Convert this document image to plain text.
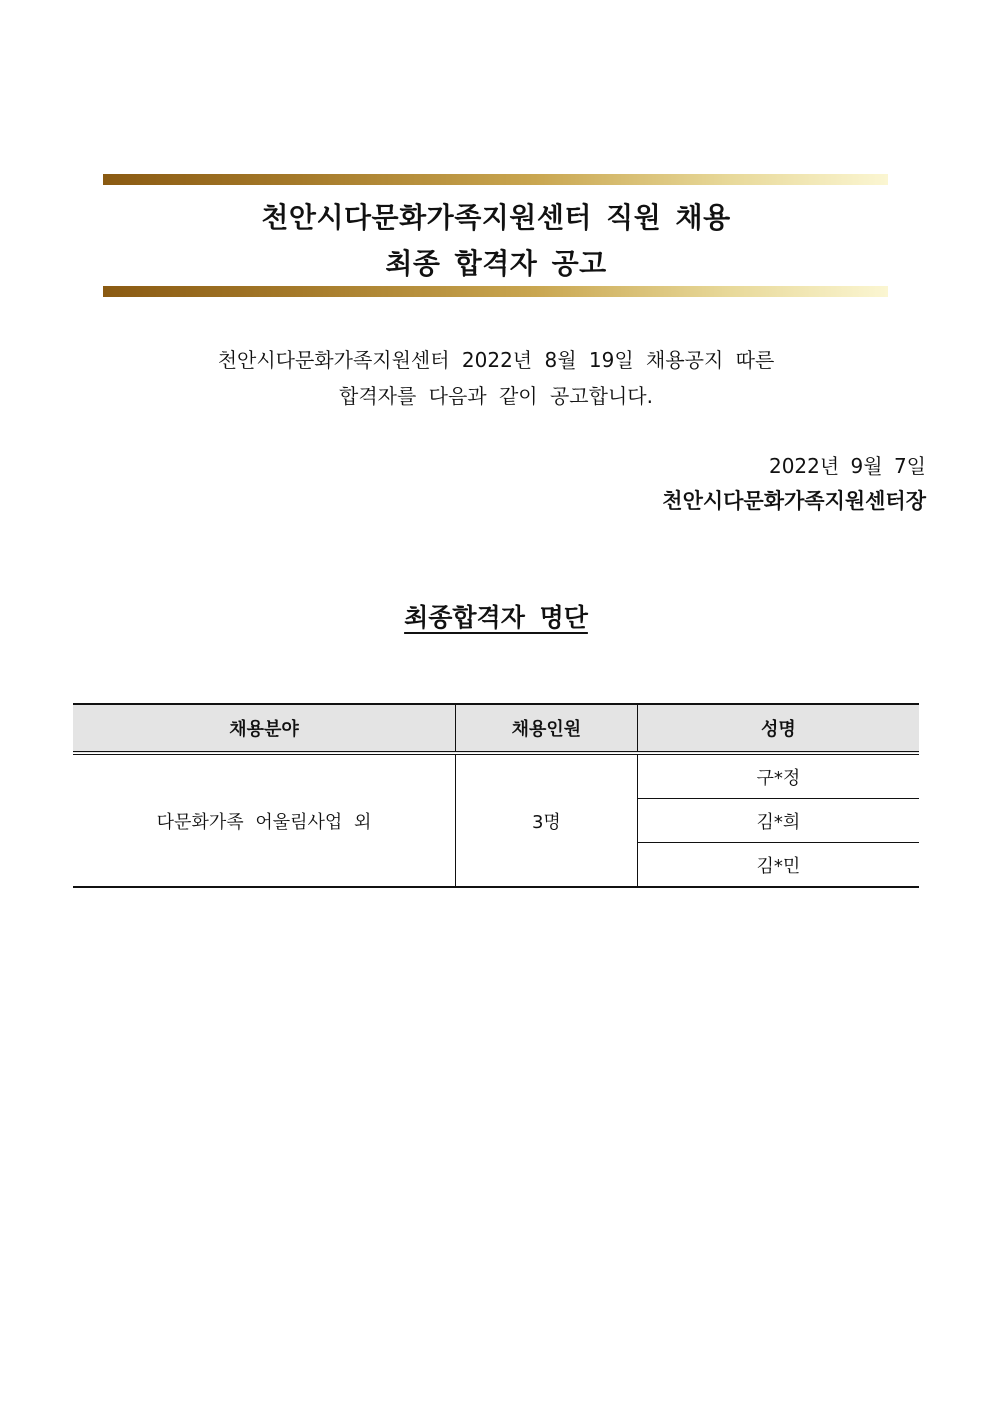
천안시다문화가족지원센터 직원 채용
최종 합격자 공고
천안시다문화가족지원센터 2022년 8월 19일 채용공지 따른
합격자를 다음과 같이 공고합니다.
2022년 9월 7일
천안시다문화가족지원센터장
최종합격자 명단
채용분야	채용인원	성명
다문화가족 어울림사업 외	3명	구*정
		김*희
		김*민
